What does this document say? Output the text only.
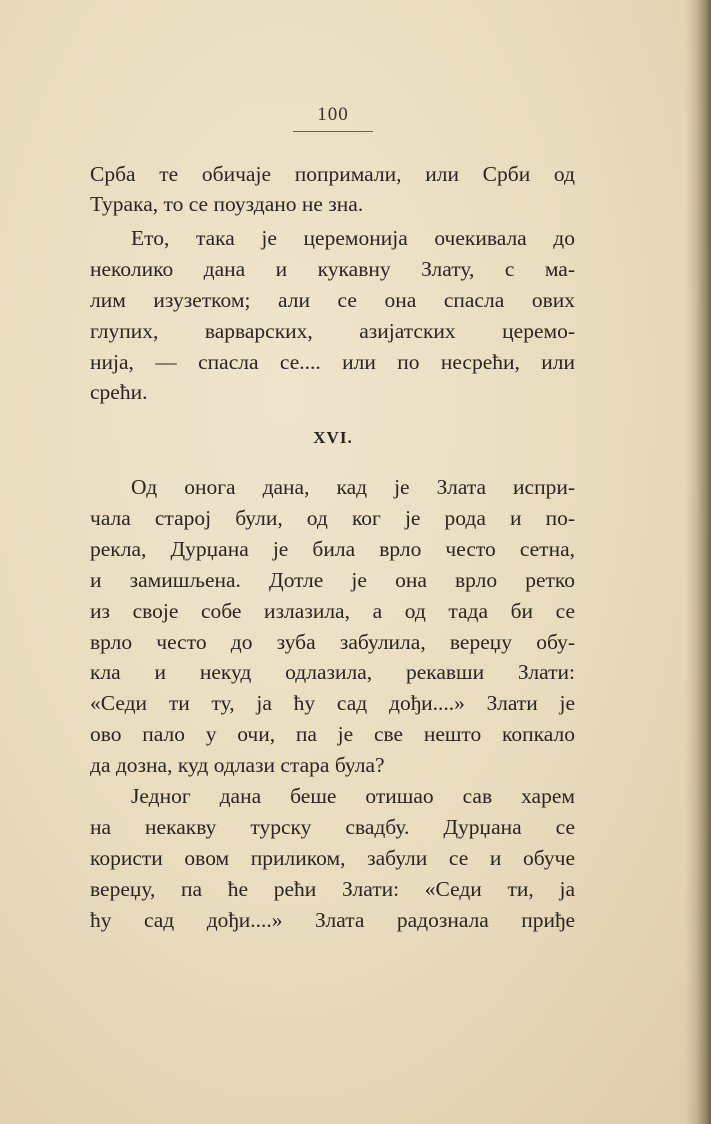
100
Срба те обичаје попримали, или Срби од
Турака, то се поуздано не зна.
Ето, така је церемонија очекивала до
неколико дана и кукавну Злату, с ма-
лим изузетком; али се она спасла ових
глупих, варварских, азијатских церемо-
нија, — спасла се.... или по несрећи, или
срећи.
XVI.
Од онога дана, кад је Злата испри-
чала старој були, од ког је рода и по-
рекла, Дурџана је била врло често сетна,
и замишљена. Дотле је она врло ретко
из своје собе излазила, а од тада би се
врло често до зуба забулила, вереџу обу-
кла и некуд одлазила, рекавши Злати:
«Седи ти ту, ја ћу сад дођи....» Злати је
ово пало у очи, па је све нешто копкало
да дозна, куд одлази стара була?
Једног дана беше отишао сав харем
на некакву турску свадбу. Дурџана се
користи овом приликом, забули се и обуче
вереџу, па ће рећи Злати: «Седи ти, ја
ћу сад дођи....» Злата радознала приђе
